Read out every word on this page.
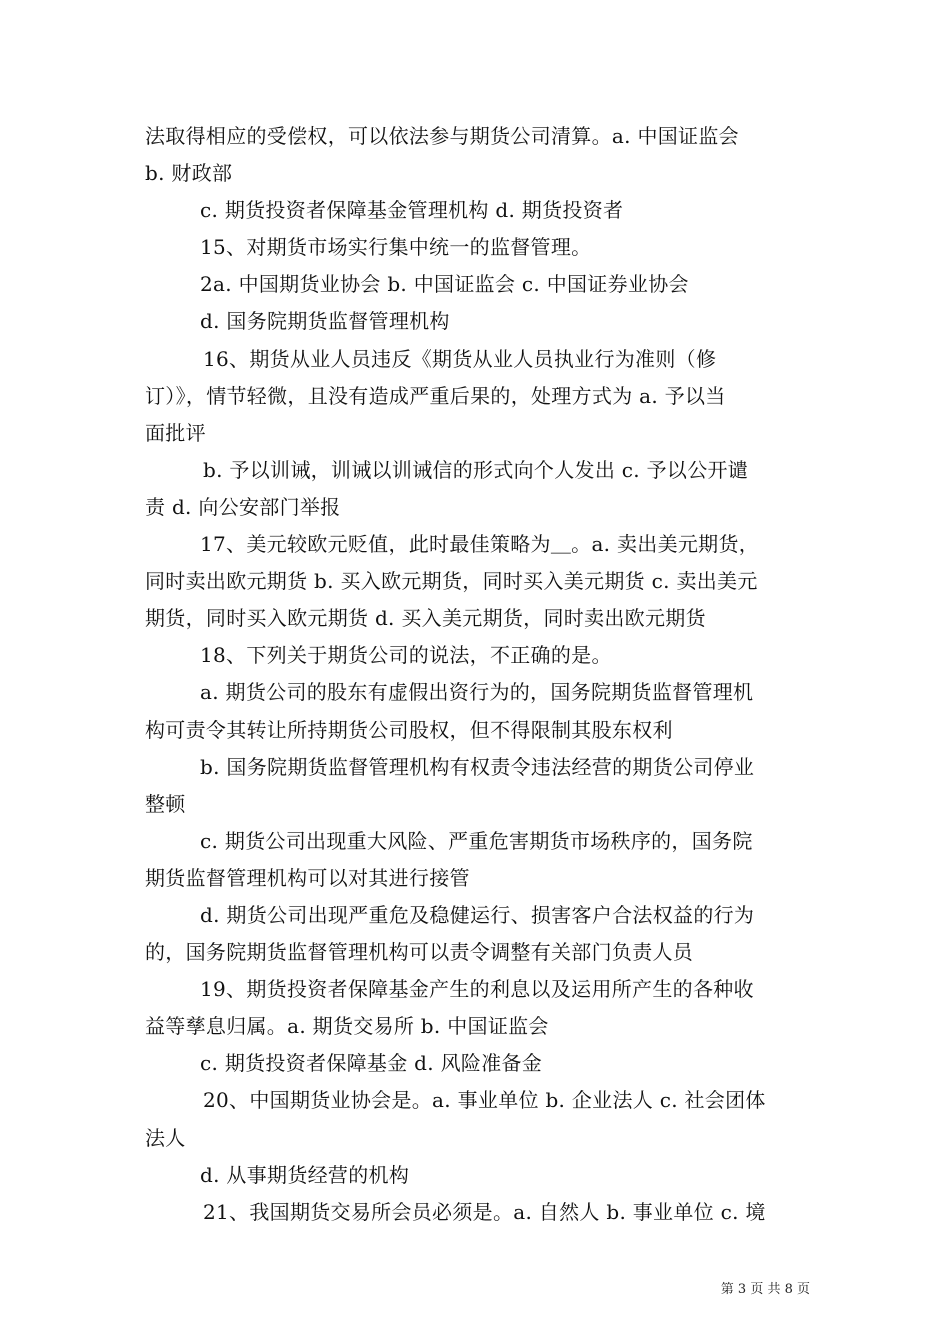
法取得相应的受偿权，可以依法参与期货公司清算。a. 中国证监会
b. 财政部
c. 期货投资者保障基金管理机构 d. 期货投资者
15、对期货市场实行集中统一的监督管理。
2a. 中国期货业协会 b. 中国证监会 c. 中国证券业协会
d. 国务院期货监督管理机构
16、期货从业人员违反《期货从业人员执业行为准则（修
订）》，情节轻微，且没有造成严重后果的，处理方式为 a. 予以当
面批评
b. 予以训诫，训诫以训诫信的形式向个人发出 c. 予以公开谴
责 d. 向公安部门举报
17、美元较欧元贬值，此时最佳策略为＿。a. 卖出美元期货，
同时卖出欧元期货 b. 买入欧元期货，同时买入美元期货 c. 卖出美元
期货，同时买入欧元期货 d. 买入美元期货，同时卖出欧元期货
18、下列关于期货公司的说法，不正确的是。
a. 期货公司的股东有虚假出资行为的，国务院期货监督管理机
构可责令其转让所持期货公司股权，但不得限制其股东权利
b. 国务院期货监督管理机构有权责令违法经营的期货公司停业
整顿
c. 期货公司出现重大风险、严重危害期货市场秩序的，国务院
期货监督管理机构可以对其进行接管
d. 期货公司出现严重危及稳健运行、损害客户合法权益的行为
的，国务院期货监督管理机构可以责令调整有关部门负责人员
19、期货投资者保障基金产生的利息以及运用所产生的各种收
益等孳息归属。a. 期货交易所 b. 中国证监会
c. 期货投资者保障基金 d. 风险准备金
20、中国期货业协会是。a. 事业单位 b. 企业法人 c. 社会团体
法人
d. 从事期货经营的机构
21、我国期货交易所会员必须是。a. 自然人 b. 事业单位 c. 境
第 3 页 共 8 页
